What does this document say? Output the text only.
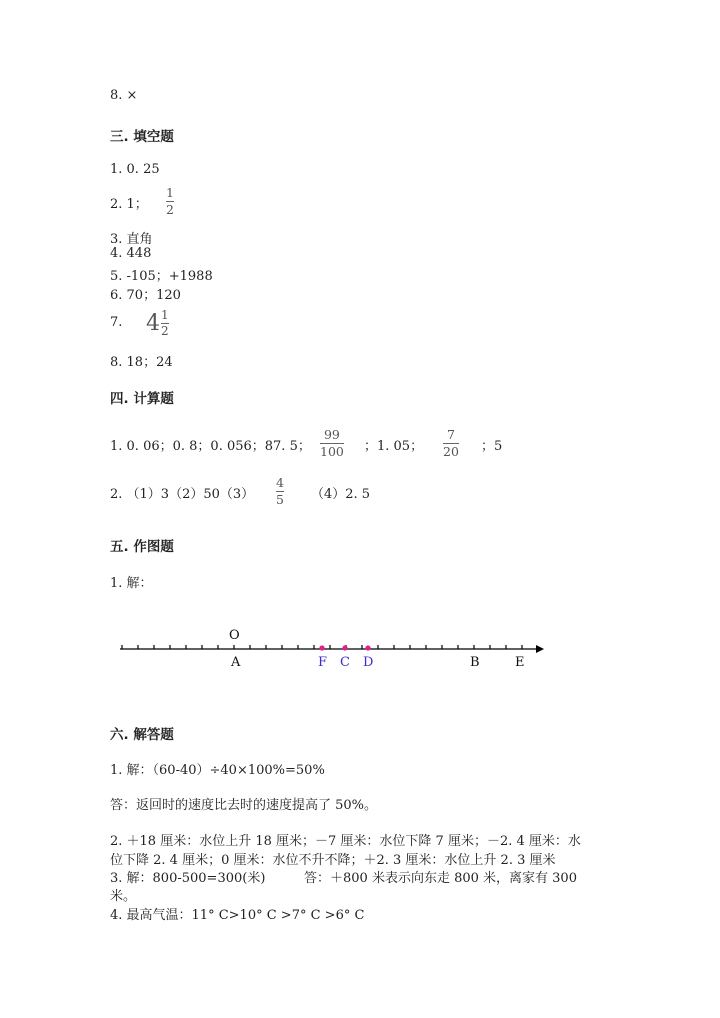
8. ×
三. 填空题
1. 0. 25
2. 1；
1
2
3. 直角
4. 448
5. -105；+1988
6. 70；120
7. $4 \frac{1}{2}$
8. 18；24
四. 计算题
1. 0. 06；0. 8；0. 056；87. 5；
99
100 ；1. 05；
7
20 ；5
2. （1）3（2）50（3）
4
5 （4）2. 5
五. 作图题
1. 解：
O
A	F C D	B	E
六. 解答题
1. 解：（60-40）÷40×100%=50%
答：返回时的速度比去时的速度提高了 50%。
2. ＋18 厘米：水位上升 18 厘米；－7 厘米：水位下降 7 厘米；－2. 4 厘米：水
位下降 2. 4 厘米；0 厘米：水位不升不降；＋2. 3 厘米：水位上升 2. 3 厘米
3. 解：800-500=300(米)	答：＋800 米表示向东走 800 米，离家有 300
米。
4. 最高气温：11° C>10° C >7° C >6° C
